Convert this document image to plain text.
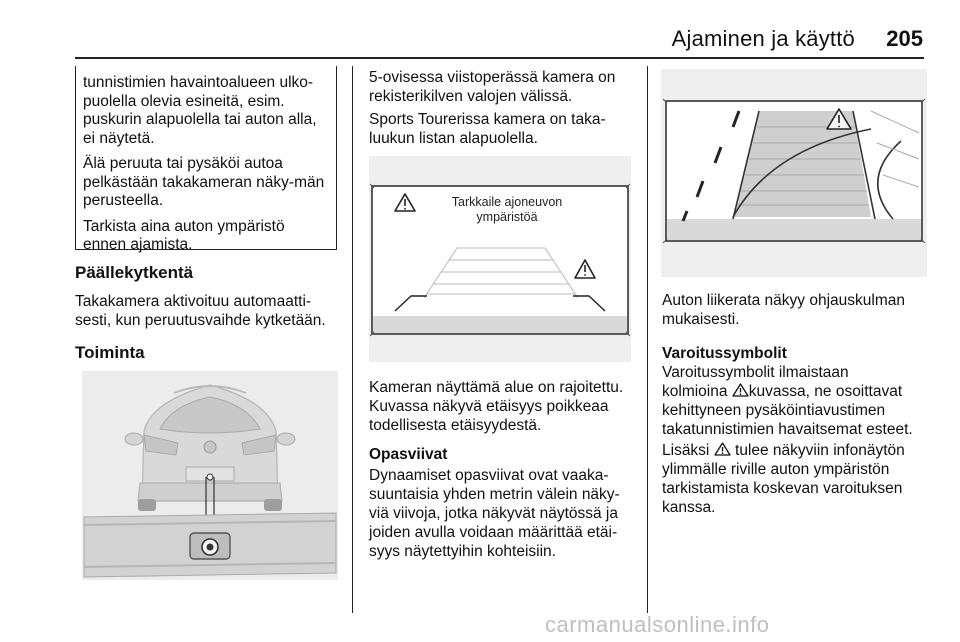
Ajaminen ja käyttö 205

tunnistimien havaintoalueen ulko-puolella olevia esineitä, esim. puskurin alapuolella tai auton alla, ei näytetä.

Älä peruuta tai pysäköi autoa pelkästään takakameran näky-män perusteella.

Tarkista aina auton ympäristö ennen ajamista.

Päällekytkentä
Takakamera aktivoituu automaatti-sesti, kun peruutusvaihde kytketään.
Toiminta
5-ovisessa viistoperässä kamera on rekisterikilven valojen välissä.
Sports Tourerissa kamera on taka-luukun listan alapuolella.
Tarkkaile ajoneuvon
ympäristöä
Kameran näyttämä alue on rajoitettu. Kuvassa näkyvä etäisyys poikkeaa todellisesta etäisyydestä.
Opasviivat
Dynaamiset opasviivat ovat vaaka-suuntaisia yhden metrin välein näky-viä viivoja, jotka näkyvät näytössä ja joiden avulla voidaan määrittää etäi-syys näytettyihin kohteisiin.
Auton liikerata näkyy ohjauskulman mukaisesti.
Varoitussymbolit
Varoitussymbolit ilmaistaan
kolmioina kuvassa, ne osoittavat kehittyneen pysäköintiavustimen takatunnistimien havaitsemat esteet.
Lisäksi tulee näkyviin infonäytön ylimmälle riville auton ympäristön tarkistamista koskevan varoituksen kanssa.
carmanualsonline.info
